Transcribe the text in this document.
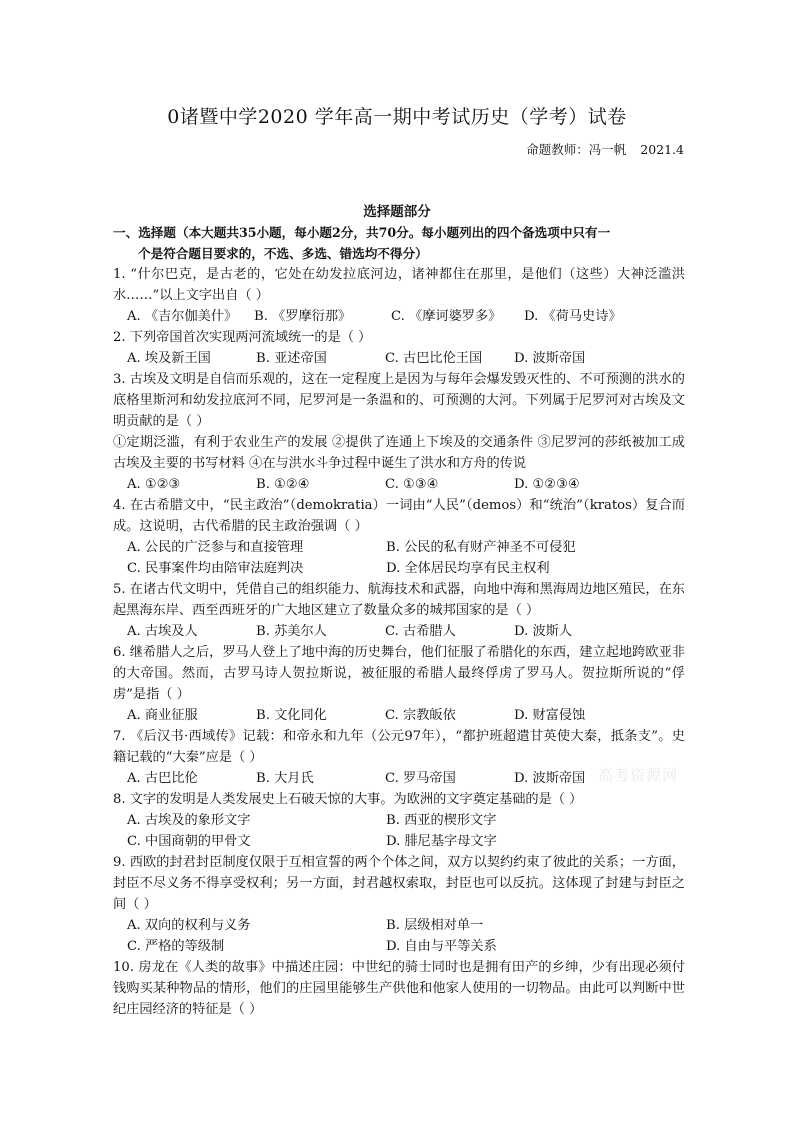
0诸暨中学2020 学年高一期中考试历史（学考）试卷
命题教师：冯一帆 2021.4
选择题部分

一、选择题（本大题共35小题，每小题2分，共70分。每小题列出的四个备选项中只有一
个是符合题目要求的，不选、多选、错选均不得分）

1. “什尔巴克，是古老的，它处在幼发拉底河边，诸神都住在那里，是他们（这些）大神泛滥洪水……”以上文字出自（ ）

A. 《吉尔伽美什》	B. 《罗摩衍那》	C. 《摩诃婆罗多》	D. 《荷马史诗》

2. 下列帝国首次实现两河流域统一的是（ ）

A. 埃及新王国	B. 亚述帝国	C. 古巴比伦王国	D. 波斯帝国

3. 古埃及文明是自信而乐观的，这在一定程度上是因为与每年会爆发毁灭性的、不可预测的洪水的底格里斯河和幼发拉底河不同，尼罗河是一条温和的、可预测的大河。下列属于尼罗河对古埃及文明贡献的是（ ）

①定期泛滥，有利于农业生产的发展 ②提供了连通上下埃及的交通条件 ③尼罗河的莎纸被加工成古埃及主要的书写材料 ④在与洪水斗争过程中诞生了洪水和方舟的传说

A. ①②③	B. ①②④	C. ①③④	D. ①②③④

4. 在古希腊文中，“民主政治”（demokratia）一词由“人民”（demos）和“统治”（kratos）复合而成。这说明，古代希腊的民主政治强调（ ）

A. 公民的广泛参与和直接管理	B. 公民的私有财产神圣不可侵犯
C. 民事案件均由陪审法庭判决	D. 全体居民均享有民主权利

5. 在诸古代文明中，凭借自己的组织能力、航海技术和武器，向地中海和黑海周边地区殖民，在东起黑海东岸、西至西班牙的广大地区建立了数量众多的城邦国家的是（ ）

A. 古埃及人	B. 苏美尔人	C. 古希腊人	D. 波斯人

6. 继希腊人之后，罗马人登上了地中海的历史舞台，他们征服了希腊化的东西，建立起地跨欧亚非的大帝国。然而，古罗马诗人贺拉斯说，被征服的希腊人最终俘虏了罗马人。贺拉斯所说的“俘虏”是指（ ）

A. 商业征服	B. 文化同化	C. 宗教皈依	D. 财富侵蚀

7. 《后汉书·西域传》记载：和帝永和九年（公元97年），“都护班超遣甘英使大秦，抵条支”。史籍记载的“大秦”应是（ ）

A. 古巴比伦	B. 大月氏	C. 罗马帝国	D. 波斯帝国

8. 文字的发明是人类发展史上石破天惊的大事。为欧洲的文字奠定基础的是（ ）

A. 古埃及的象形文字	B. 西亚的楔形文字
C. 中国商朝的甲骨文	D. 腓尼基字母文字

9. 西欧的封君封臣制度仅限于互相宣誓的两个个体之间，双方以契约约束了彼此的关系；一方面，封臣不尽义务不得享受权利；另一方面，封君越权索取，封臣也可以反抗。这体现了封建与封臣之间（ ）

A. 双向的权利与义务	B. 层级相对单一
C. 严格的等级制	D. 自由与平等关系

10. 房龙在《人类的故事》中描述庄园：中世纪的骑士同时也是拥有田产的乡绅，少有出现必须付钱购买某种物品的情形，他们的庄园里能够生产供他和他家人使用的一切物品。由此可以判断中世纪庄园经济的特征是（ ）

高考资源网
